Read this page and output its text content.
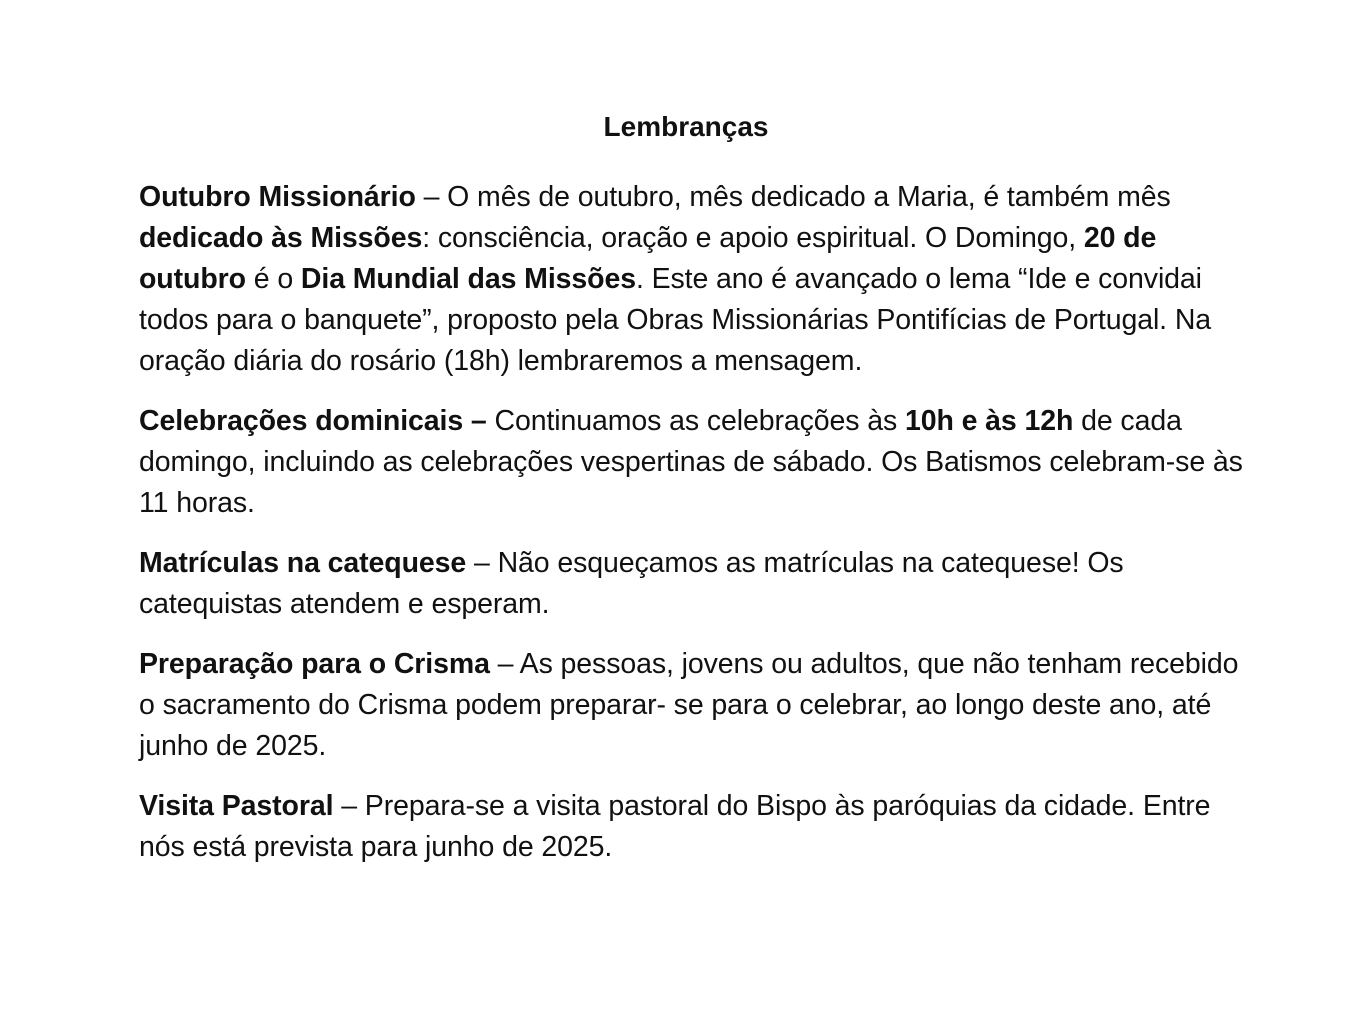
Lembranças

Outubro Missionário – O mês de outubro, mês dedicado a Maria, é também mês dedicado às Missões: consciência, oração e apoio espiritual. O Domingo, 20 de outubro é o Dia Mundial das Missões. Este ano é avançado o lema “Ide e convidai todos para o banquete”, proposto pela Obras Missionárias Pontifícias de Portugal. Na oração diária do rosário (18h) lembraremos a mensagem.

Celebrações dominicais – Continuamos as celebrações às 10h e às 12h de cada domingo, incluindo as celebrações vespertinas de sábado. Os Batismos celebram-se às 11 horas.

Matrículas na catequese – Não esqueçamos as matrículas na catequese! Os catequistas atendem e esperam.

Preparação para o Crisma – As pessoas, jovens ou adultos, que não tenham recebido o sacramento do Crisma podem preparar- se para o celebrar, ao longo deste ano, até junho de 2025.

Visita Pastoral – Prepara-se a visita pastoral do Bispo às paróquias da cidade. Entre nós está prevista para junho de 2025.
